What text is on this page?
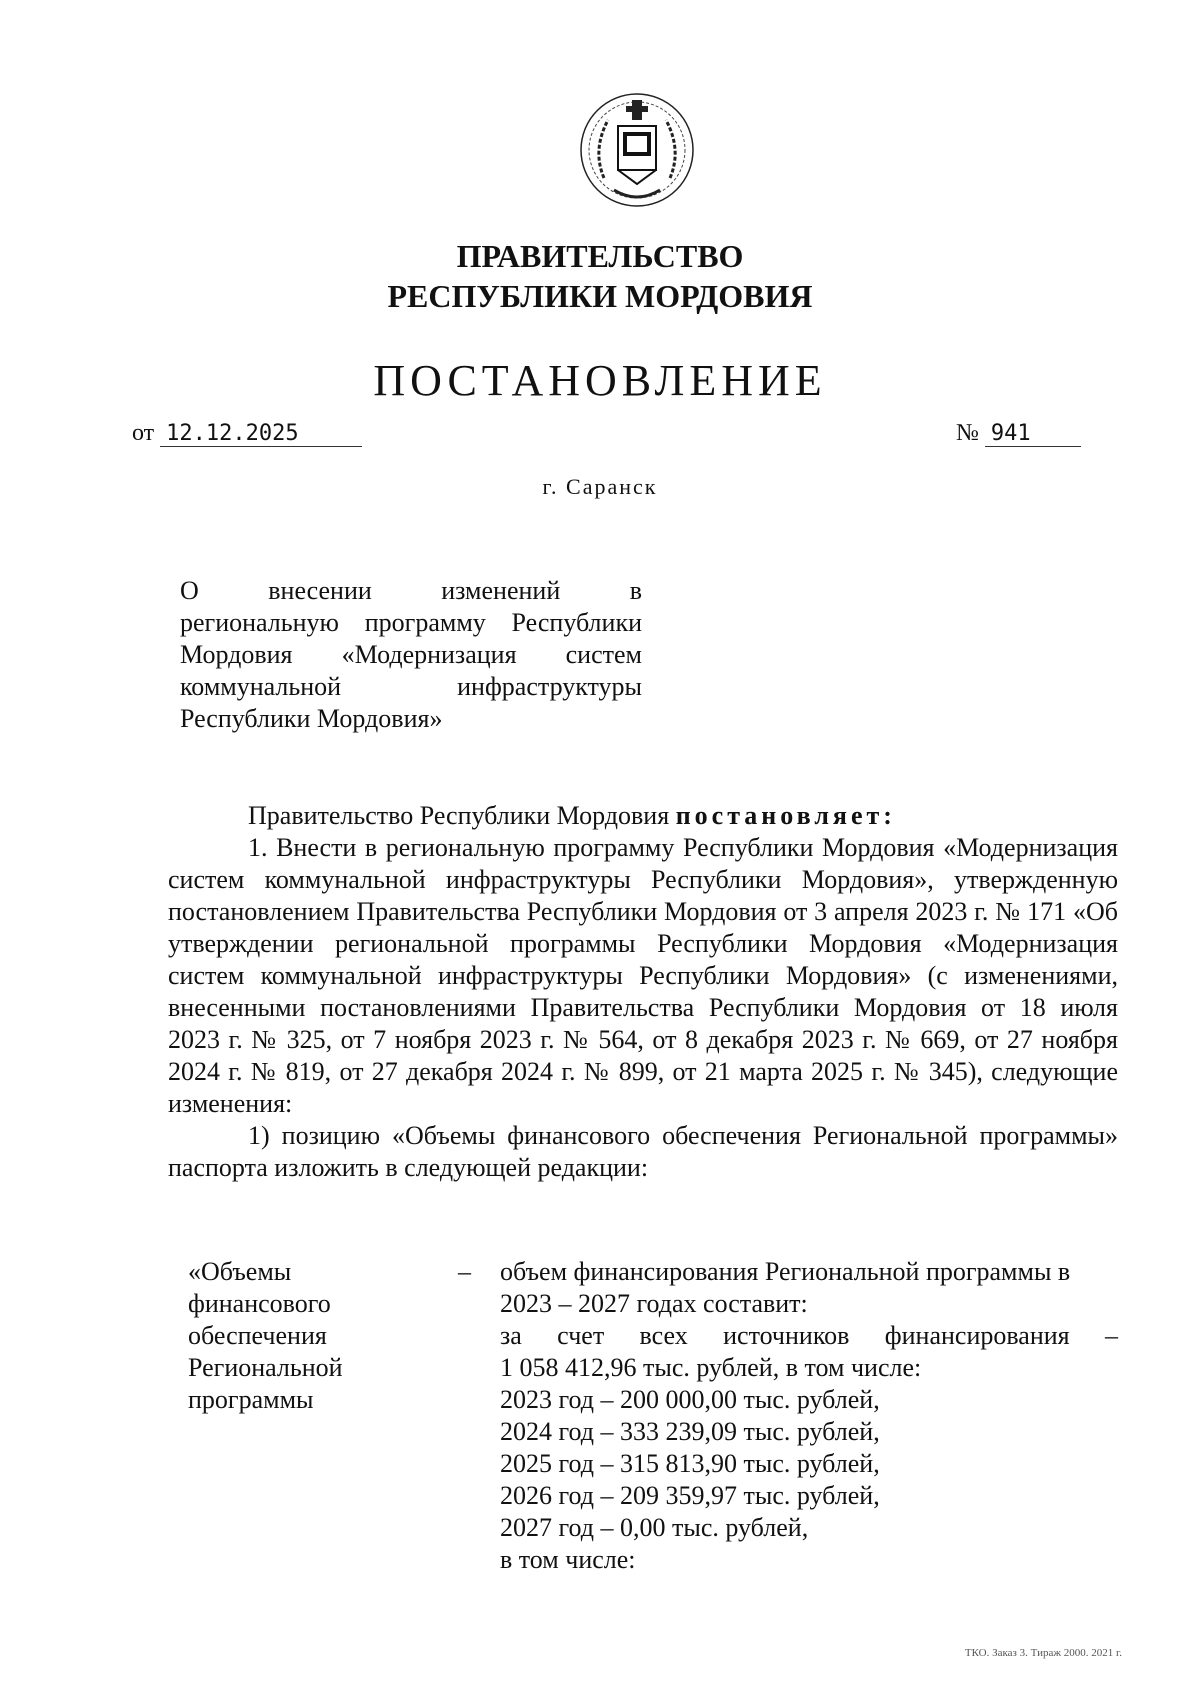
ПРАВИТЕЛЬСТВО
РЕСПУБЛИКИ МОРДОВИЯ
ПОСТАНОВЛЕНИЕ
от 12.12.2025	№ 941
г. Саранск

О внесении изменений в

региональную программу Республики

Мордовия «Модернизация систем

коммунальной инфраструктуры

Республики Мордовия»

Правительство Республики Мордовия постановляет:

1. Внести в региональную программу Республики Мордовия «Модернизация систем коммунальной инфраструктуры Республики Мордовия», утвержденную постановлением Правительства Республики Мордовия от 3 апреля 2023 г. № 171 «Об утверждении региональной программы Республики Мордовия «Модернизация систем коммунальной инфраструктуры Республики Мордовия» (с изменениями, внесенными постановлениями Правительства Республики Мордовия от 18 июля 2023 г. № 325, от 7 ноября 2023 г. № 564, от 8 декабря 2023 г. № 669, от 27 ноября 2024 г. № 819, от 27 декабря 2024 г. № 899, от 21 марта 2025 г. № 345), следующие изменения:

1) позицию «Объемы финансового обеспечения Региональной программы» паспорта изложить в следующей редакции:

«Объемы
финансового
обеспечения
Региональной
программы
– объем финансирования Региональной программы в
2023 – 2027 годах составит:
за счет всех источников финансирования –
1 058 412,96 тыс. рублей, в том числе:
2023 год – 200 000,00 тыс. рублей,
2024 год – 333 239,09 тыс. рублей,
2025 год – 315 813,90 тыс. рублей,
2026 год – 209 359,97 тыс. рублей,
2027 год – 0,00 тыс. рублей,
в том числе:
ТКО. Заказ 3. Тираж 2000. 2021 г.
